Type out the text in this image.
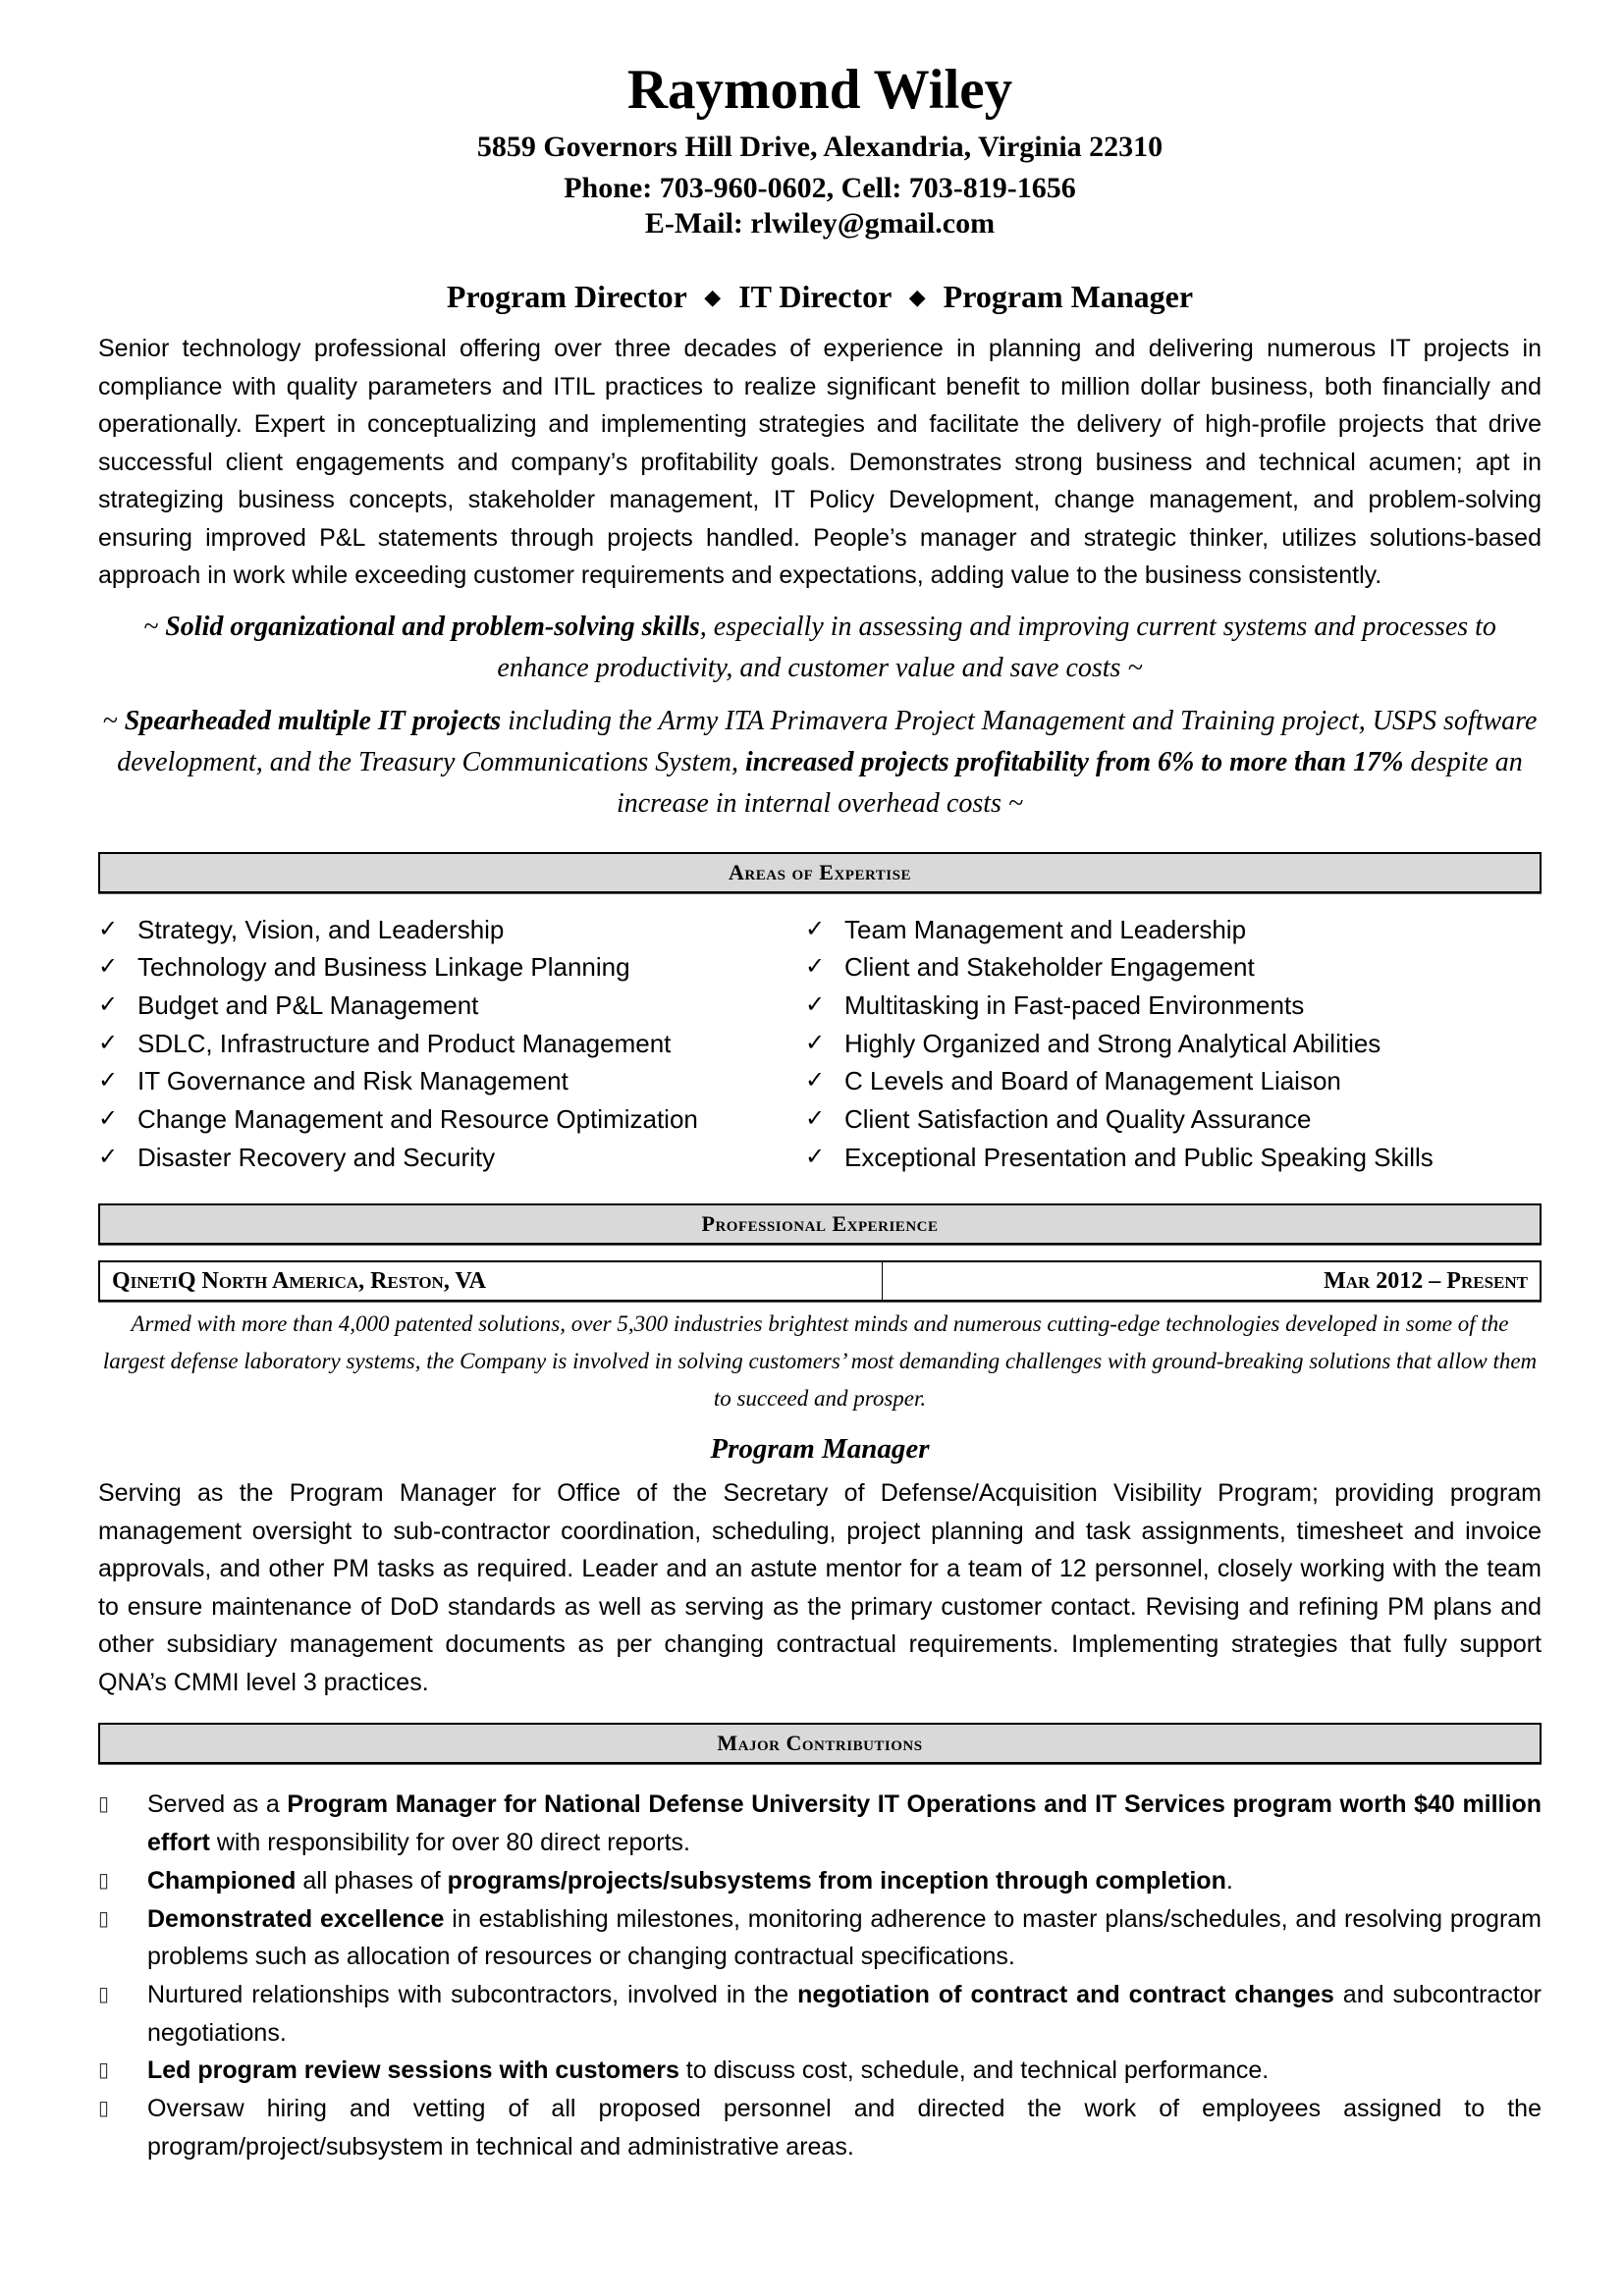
Raymond Wiley
5859 Governors Hill Drive, Alexandria, Virginia 22310
Phone: 703-960-0602, Cell: 703-819-1656
E-Mail: rlwiley@gmail.com
Program Director ◆ IT Director ◆ Program Manager
Senior technology professional offering over three decades of experience in planning and delivering numerous IT projects in compliance with quality parameters and ITIL practices to realize significant benefit to million dollar business, both financially and operationally. Expert in conceptualizing and implementing strategies and facilitate the delivery of high-profile projects that drive successful client engagements and company’s profitability goals. Demonstrates strong business and technical acumen; apt in strategizing business concepts, stakeholder management, IT Policy Development, change management, and problem-solving ensuring improved P&L statements through projects handled. People’s manager and strategic thinker, utilizes solutions-based approach in work while exceeding customer requirements and expectations, adding value to the business consistently.
~ Solid organizational and problem-solving skills, especially in assessing and improving current systems and processes to enhance productivity, and customer value and save costs ~
~ Spearheaded multiple IT projects including the Army ITA Primavera Project Management and Training project, USPS software development, and the Treasury Communications System, increased projects profitability from 6% to more than 17% despite an increase in internal overhead costs ~
Areas of Expertise
✓ Strategy, Vision, and Leadership
✓ Technology and Business Linkage Planning
✓ Budget and P&L Management
✓ SDLC, Infrastructure and Product Management
✓ IT Governance and Risk Management
✓ Change Management and Resource Optimization
✓ Disaster Recovery and Security
✓ Team Management and Leadership
✓ Client and Stakeholder Engagement
✓ Multitasking in Fast-paced Environments
✓ Highly Organized and Strong Analytical Abilities
✓ C Levels and Board of Management Liaison
✓ Client Satisfaction and Quality Assurance
✓ Exceptional Presentation and Public Speaking Skills
Professional Experience
QinetiQ North America, Reston, VA	Mar 2012 – Present
Armed with more than 4,000 patented solutions, over 5,300 industries brightest minds and numerous cutting-edge technologies developed in some of the largest defense laboratory systems, the Company is involved in solving customers’ most demanding challenges with ground-breaking solutions that allow them to succeed and prosper.
Program Manager
Serving as the Program Manager for Office of the Secretary of Defense/Acquisition Visibility Program; providing program management oversight to sub-contractor coordination, scheduling, project planning and task assignments, timesheet and invoice approvals, and other PM tasks as required. Leader and an astute mentor for a team of 12 personnel, closely working with the team to ensure maintenance of DoD standards as well as serving as the primary customer contact. Revising and refining PM plans and other subsidiary management documents as per changing contractual requirements. Implementing strategies that fully support QNA’s CMMI level 3 practices.
Major Contributions
▯	Served as a Program Manager for National Defense University IT Operations and IT Services program worth $40 million effort with responsibility for over 80 direct reports.
▯	Championed all phases of programs/projects/subsystems from inception through completion.
▯	Demonstrated excellence in establishing milestones, monitoring adherence to master plans/schedules, and resolving program problems such as allocation of resources or changing contractual specifications.
▯	Nurtured relationships with subcontractors, involved in the negotiation of contract and contract changes and subcontractor negotiations.
▯	Led program review sessions with customers to discuss cost, schedule, and technical performance.
▯	Oversaw hiring and vetting of all proposed personnel and directed the work of employees assigned to the program/project/subsystem in technical and administrative areas.
